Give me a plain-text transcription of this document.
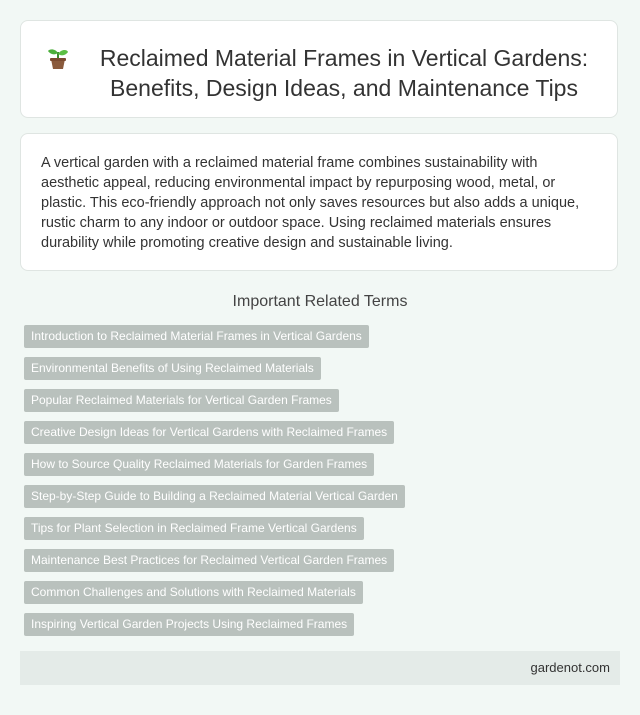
Reclaimed Material Frames in Vertical Gardens: Benefits, Design Ideas, and Maintenance Tips

A vertical garden with a reclaimed material frame combines sustainability with aesthetic appeal, reducing environmental impact by repurposing wood, metal, or plastic. This eco-friendly approach not only saves resources but also adds a unique, rustic charm to any indoor or outdoor space. Using reclaimed materials ensures durability while promoting creative design and sustainable living.

Important Related Terms
Introduction to Reclaimed Material Frames in Vertical Gardens
Environmental Benefits of Using Reclaimed Materials
Popular Reclaimed Materials for Vertical Garden Frames
Creative Design Ideas for Vertical Gardens with Reclaimed Frames
How to Source Quality Reclaimed Materials for Garden Frames
Step-by-Step Guide to Building a Reclaimed Material Vertical Garden
Tips for Plant Selection in Reclaimed Frame Vertical Gardens
Maintenance Best Practices for Reclaimed Vertical Garden Frames
Common Challenges and Solutions with Reclaimed Materials
Inspiring Vertical Garden Projects Using Reclaimed Frames
gardenot.com
